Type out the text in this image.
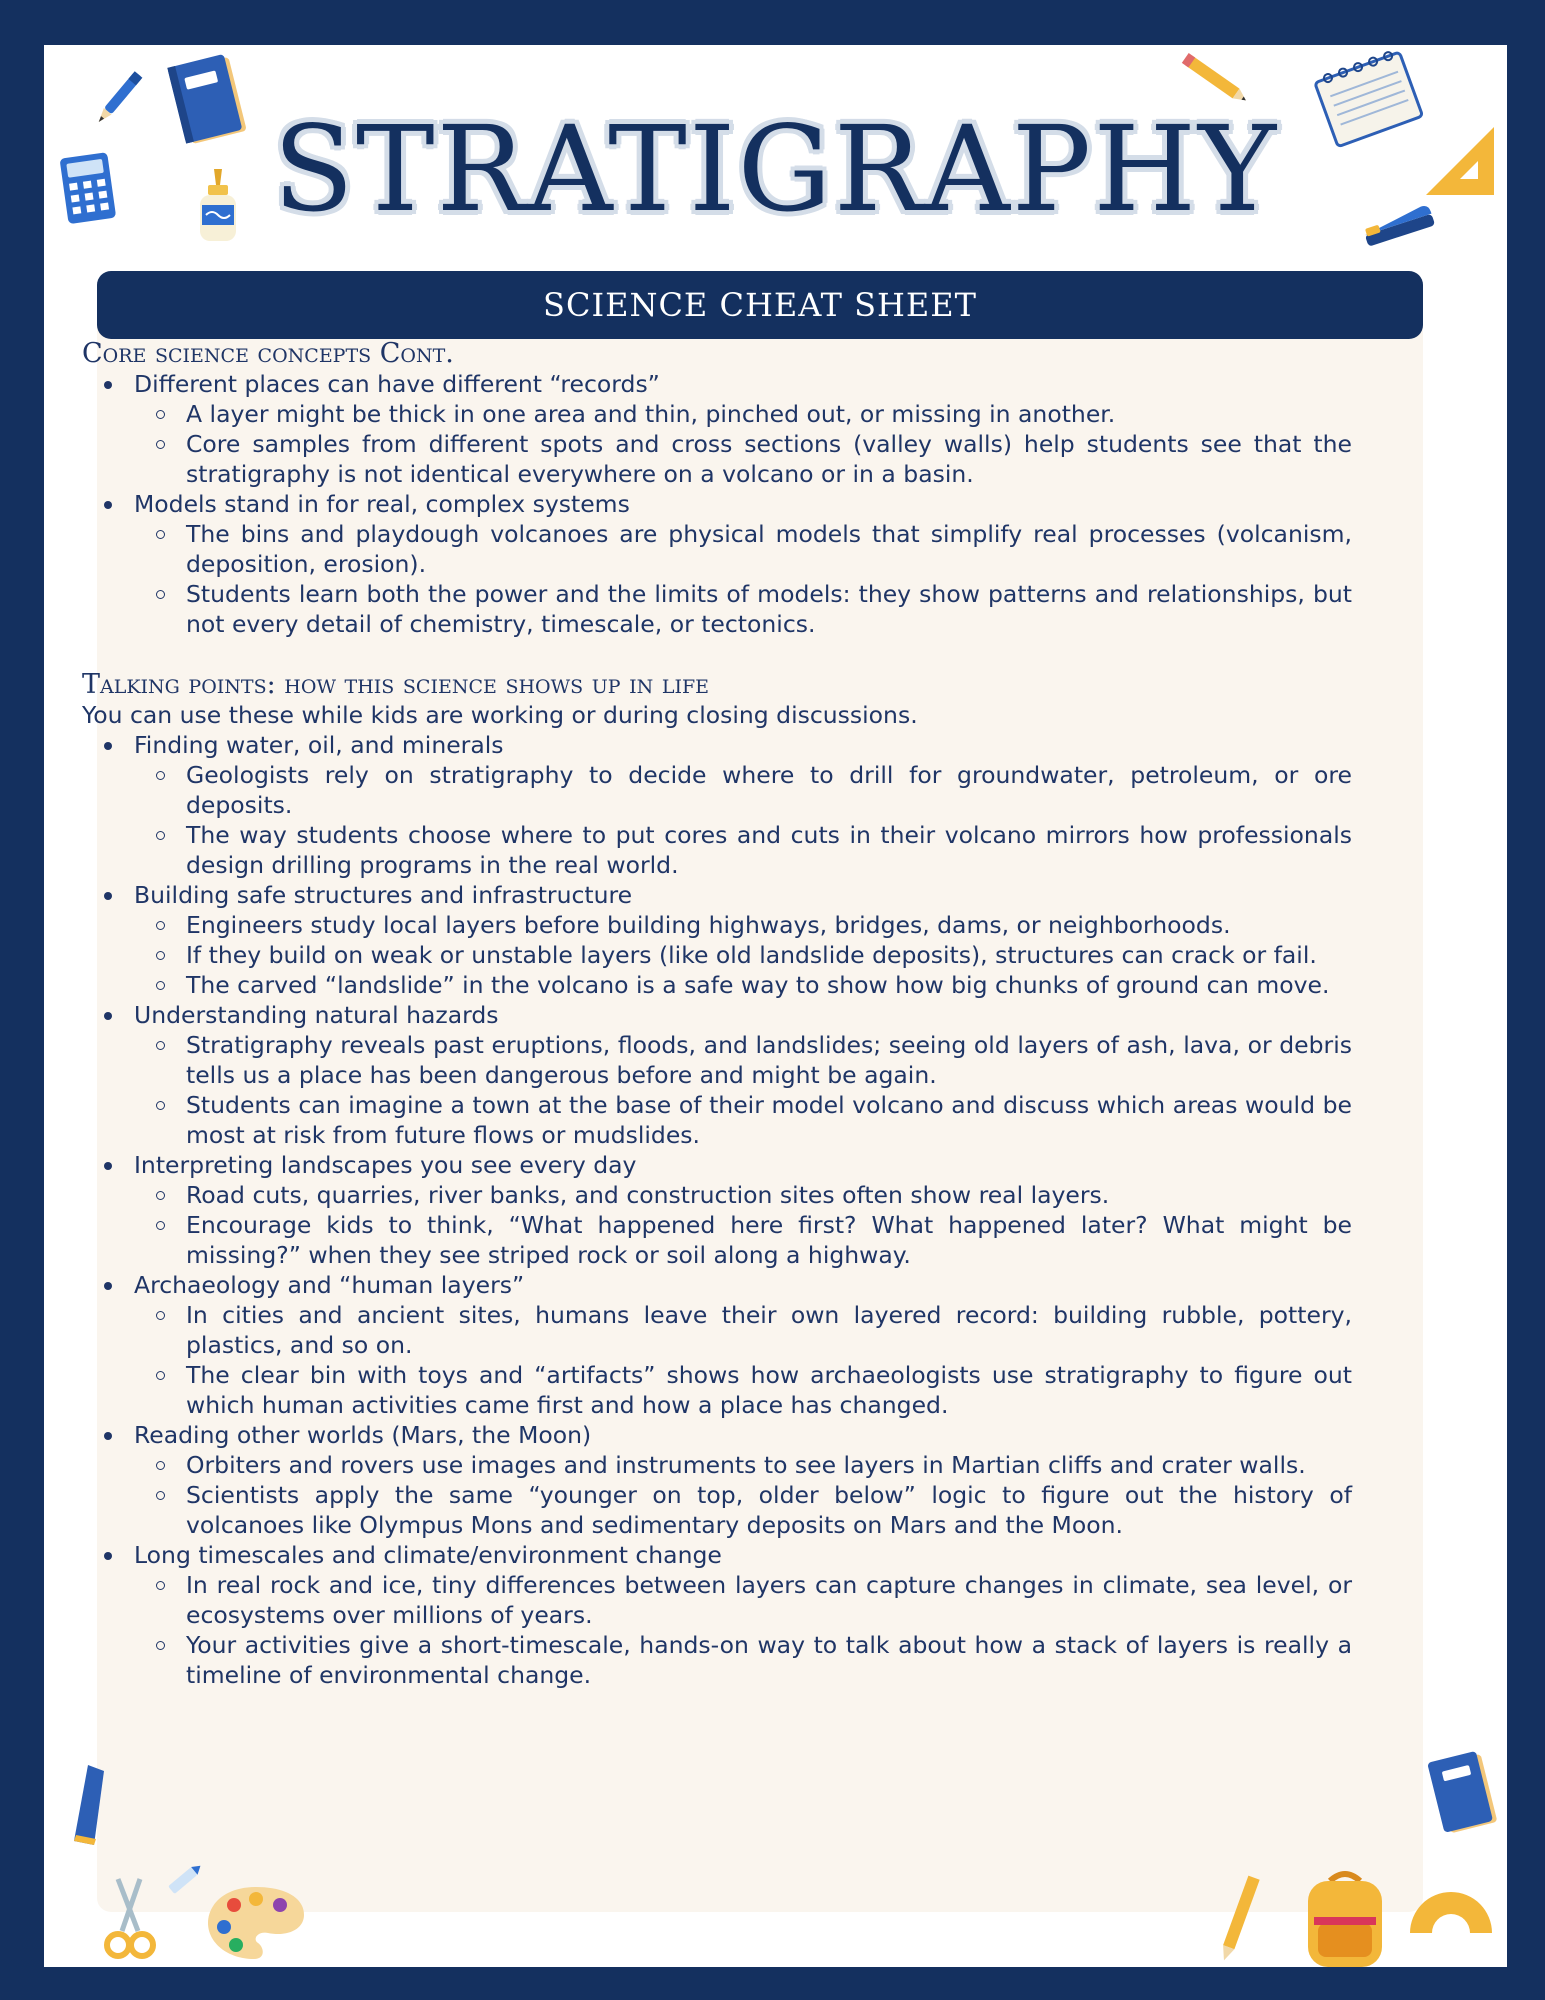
STRATIGRAPHY
SCIENCE CHEAT SHEET
Core science concepts Cont.
Different places can have different “records”
A layer might be thick in one area and thin, pinched out, or missing in another.
Core samples from different spots and cross sections (valley walls) help students see that the stratigraphy is not identical everywhere on a volcano or in a basin.
Models stand in for real, complex systems
The bins and playdough volcanoes are physical models that simplify real processes (volcanism, deposition, erosion).
Students learn both the power and the limits of models: they show patterns and relationships, but not every detail of chemistry, timescale, or tectonics.
Talking points: how this science shows up in life

You can use these while kids are working or during closing discussions.

Finding water, oil, and minerals
Geologists rely on stratigraphy to decide where to drill for groundwater, petroleum, or ore deposits.
The way students choose where to put cores and cuts in their volcano mirrors how professionals design drilling programs in the real world.
Building safe structures and infrastructure
Engineers study local layers before building highways, bridges, dams, or neighborhoods.
If they build on weak or unstable layers (like old landslide deposits), structures can crack or fail.
The carved “landslide” in the volcano is a safe way to show how big chunks of ground can move.
Understanding natural hazards
Stratigraphy reveals past eruptions, floods, and landslides; seeing old layers of ash, lava, or debris tells us a place has been dangerous before and might be again.
Students can imagine a town at the base of their model volcano and discuss which areas would be most at risk from future flows or mudslides.
Interpreting landscapes you see every day
Road cuts, quarries, river banks, and construction sites often show real layers.
Encourage kids to think, “What happened here first? What happened later? What might be missing?” when they see striped rock or soil along a highway.
Archaeology and “human layers”
In cities and ancient sites, humans leave their own layered record: building rubble, pottery, plastics, and so on.
The clear bin with toys and “artifacts” shows how archaeologists use stratigraphy to figure out which human activities came first and how a place has changed.
Reading other worlds (Mars, the Moon)
Orbiters and rovers use images and instruments to see layers in Martian cliffs and crater walls.
Scientists apply the same “younger on top, older below” logic to figure out the history of volcanoes like Olympus Mons and sedimentary deposits on Mars and the Moon.
Long timescales and climate/environment change
In real rock and ice, tiny differences between layers can capture changes in climate, sea level, or ecosystems over millions of years.
Your activities give a short-timescale, hands-on way to talk about how a stack of layers is really a timeline of environmental change.
